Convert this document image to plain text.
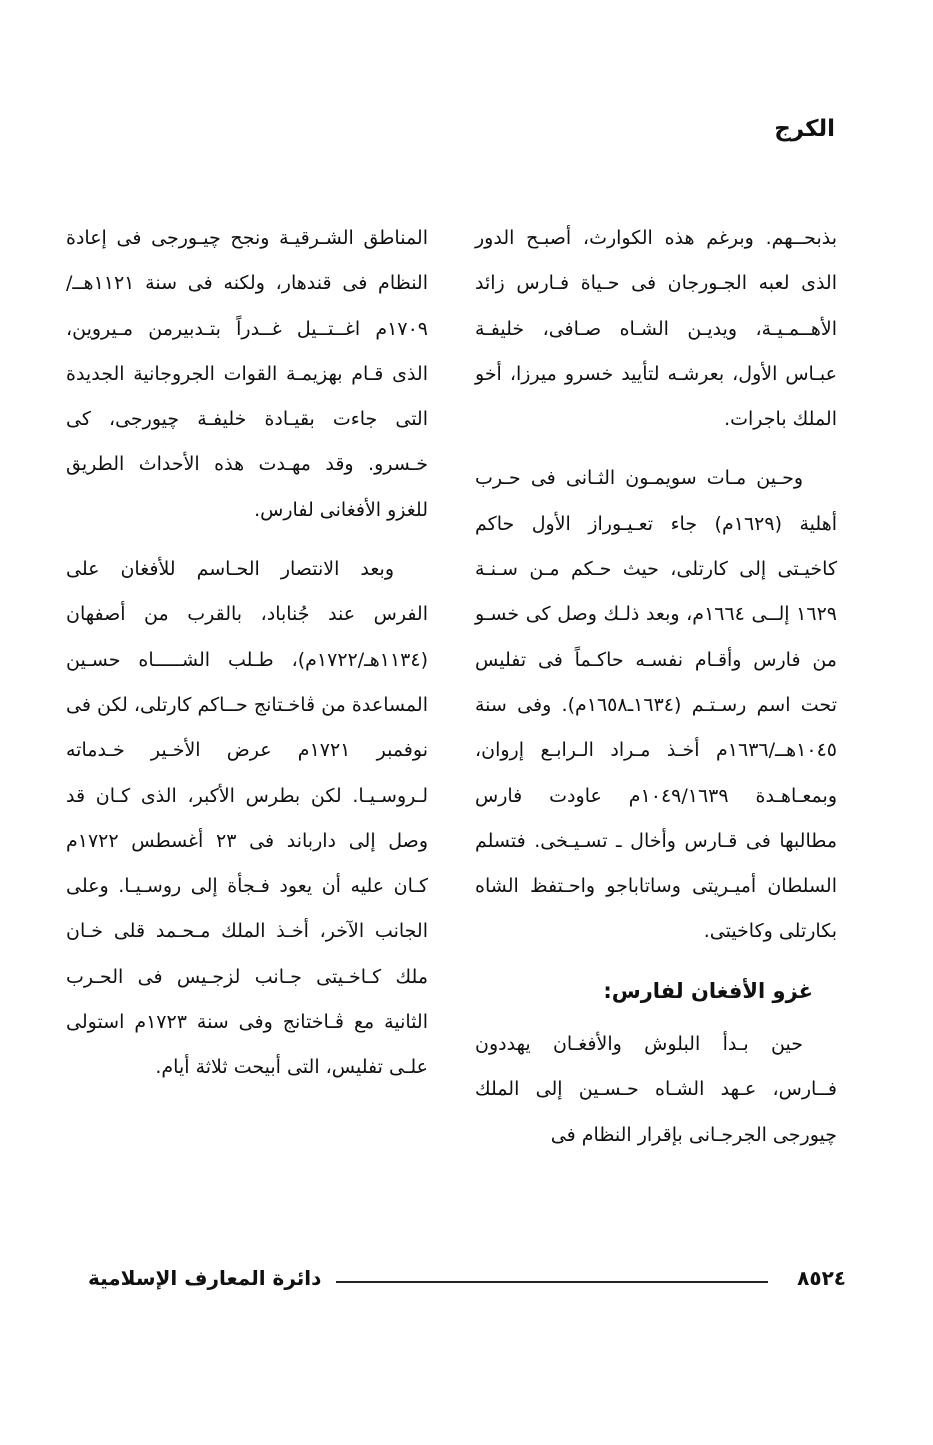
الكرج

بذبحــهم. وبرغم هذه الكوارث، أصبـح الدور الذى لعبه الجـورجان فى حـياة فـارس زائد الأهــمـيـة، ويديـن الشـاه صـافى، خليفـة عبـاس الأول، بعرشـه لتأييد خسرو ميرزا، أخو الملك باجرات.

وحـين مـات سويمـون الثـانى فى حـرب أهلية (١٦٢٩م) جاء تعـيـوراز الأول حاكم كاخيـتى إلى كارتلى، حيث حـكم مـن سـنـة ١٦٢٩ إلــى ١٦٦٤م، وبعد ذلـك وصل كى خسـو من فارس وأقـام نفسـه حاكـماً فى تفليس تحت اسم رسـتـم (١٦٣٤ـ١٦٥٨م). وفى سنة ١٠٤٥هــ/١٦٣٦م أخـذ مـراد الـرابـع إروان، وبمعـاهـدة ١٠٤٩/١٦٣٩م عاودت فارس مطالبها فى قـارس وأخال ـ تسـيـخى. فتسلم السلطان أميـريتى وساتاباجو واحـتفظ الشاه بكارتلى وكاخيتى.

غزو الأفغان لفارس:

حين بـدأ البلوش والأفغـان يهددون فــارس، عـهد الشـاه حـسـين إلى الملك چيورجى الجرجـانى بإقرار النظام فى

المناطق الشـرقيـة ونجح چيـورجى فى إعادة النظام فى قندهار، ولكنه فى سنة ١١٢١هــ/١٧٠٩م اغــتــيل غــدراً بتـدبيرمن مـيروين، الذى قـام بهزيمـة القوات الجروجانية الجديدة التى جاءت بقيـادة خليفـة چيورجى، كى خـسرو. وقد مهـدت هذه الأحداث الطريق للغزو الأفغانى لفارس.

وبعد الانتصار الحـاسم للأفغان على الفرس عند جُناباد، بالقرب من أصفهان (١١٣٤هـ/١٧٢٢م)، طـلب الشـــــاه حسـين المساعدة من ڤاخـتانج حــاكم كارتلى، لكن فى نوفمبر ١٧٢١م عرض الأخـير خـدماته لـروسـيـا. لكن بطرس الأكبر، الذى كـان قد وصل إلى دارباند فى ٢٣ أغسطس ١٧٢٢م كـان عليه أن يعود فـجأة إلى روسـيـا. وعلى الجانب الآخر، أخـذ الملك مـحـمد قلى خـان ملك كـاخـيتى جـانب لزجـيس فى الحـرب الثانية مع ڤـاختانج وفى سنة ١٧٢٣م استولى علـى تفليس، التى أبيحت ثلاثة أيام.

٨٥٢٤
دائرة المعارف الإسلامية
